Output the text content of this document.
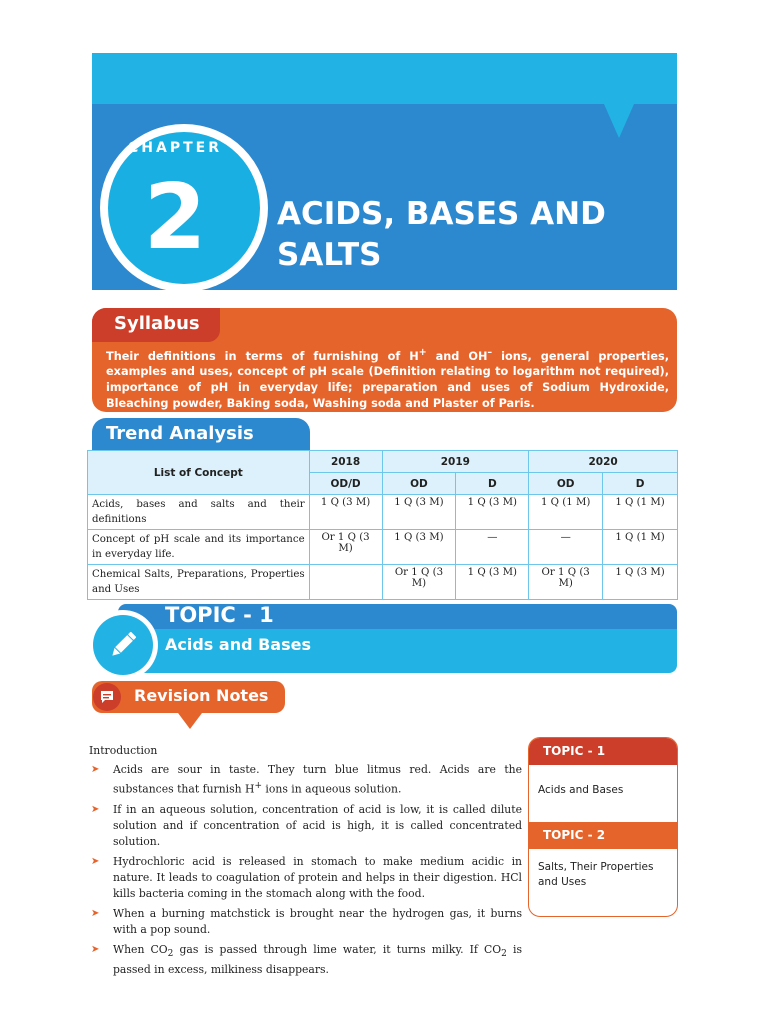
CHAPTER
2	ACIDS, BASES AND SALTS
Syllabus
Their definitions in terms of furnishing of H+ and OH– ions, general properties, examples and uses, concept of pH scale (Definition relating to logarithm not required), importance of pH in everyday life; preparation and uses of Sodium Hydroxide, Bleaching powder, Baking soda, Washing soda and Plaster of Paris.
Trend Analysis
List of Concept	2018	2019		2020	
	OD/D	OD	D	OD	D
Acids, bases and salts and their definitions	1 Q (3 M)	1 Q (3 M)	1 Q (3 M)	1 Q (1 M)	1 Q (1 M)
Concept of pH scale and its importance in everyday life.	Or 1 Q (3 M)	1 Q (3 M)	—	—	1 Q (1 M)
Chemical Salts, Preparations, Properties and Uses		Or 1 Q (3 M)	1 Q (3 M)	Or 1 Q (3 M)	1 Q (3 M)
TOPIC - 1
Acids and Bases
Revision Notes
Introduction
➤ Acids are sour in taste. They turn blue litmus red. Acids are the substances that furnish H+ ions in aqueous solution.
➤ If in an aqueous solution, concentration of acid is low, it is called dilute solution and if concentration of acid is high, it is called concentrated solution.
➤ Hydrochloric acid is released in stomach to make medium acidic in nature. It leads to coagulation of protein and helps in their digestion. HCl kills bacteria coming in the stomach along with the food.
➤ When a burning matchstick is brought near the hydrogen gas, it burns with a pop sound.
➤ When $CO_2$ gas is passed through lime water, it turns milky. If $CO_2$ is passed in excess, milkiness disappears.
TOPIC - 1
Acids and Bases
TOPIC - 2
Salts, Their Properties and Uses
